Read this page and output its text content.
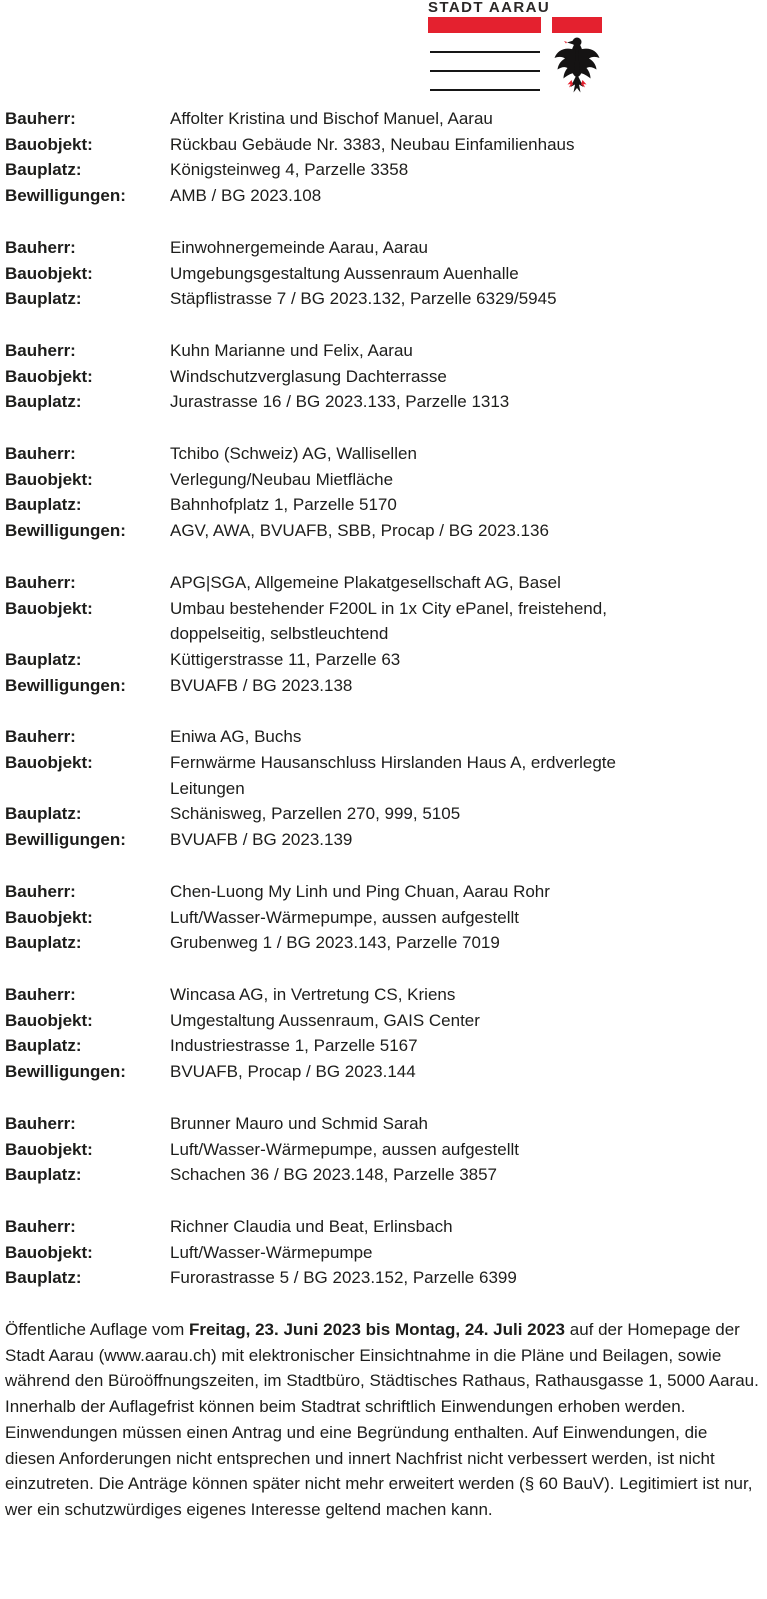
STADT AARAU
Bauherr:	Affolter Kristina und Bischof Manuel, Aarau
Bauobjekt:	Rückbau Gebäude Nr. 3383, Neubau Einfamilienhaus
Bauplatz:	Königsteinweg 4, Parzelle 3358
Bewilligungen:	AMB / BG 2023.108
Bauherr:	Einwohnergemeinde Aarau, Aarau
Bauobjekt:	Umgebungsgestaltung Aussenraum Auenhalle
Bauplatz:	Stäpflistrasse 7 / BG 2023.132, Parzelle 6329/5945
Bauherr:	Kuhn Marianne und Felix, Aarau
Bauobjekt:	Windschutzverglasung Dachterrasse
Bauplatz:	Jurastrasse 16 / BG 2023.133, Parzelle 1313
Bauherr:	Tchibo (Schweiz) AG, Wallisellen
Bauobjekt:	Verlegung/Neubau Mietfläche
Bauplatz:	Bahnhofplatz 1, Parzelle 5170
Bewilligungen:	AGV, AWA, BVUAFB, SBB, Procap / BG 2023.136
Bauherr:	APG|SGA, Allgemeine Plakatgesellschaft AG, Basel
Bauobjekt:	Umbau bestehender F200L in 1x City ePanel, freistehend, doppelseitig, selbstleuchtend
Bauplatz:	Küttigerstrasse 11, Parzelle 63
Bewilligungen:	BVUAFB / BG 2023.138
Bauherr:	Eniwa AG, Buchs
Bauobjekt:	Fernwärme Hausanschluss Hirslanden Haus A, erdverlegte Leitungen
Bauplatz:	Schänisweg, Parzellen 270, 999, 5105
Bewilligungen:	BVUAFB / BG 2023.139
Bauherr:	Chen-Luong My Linh und Ping Chuan, Aarau Rohr
Bauobjekt:	Luft/Wasser-Wärmepumpe, aussen aufgestellt
Bauplatz:	Grubenweg 1 / BG 2023.143, Parzelle 7019
Bauherr:	Wincasa AG, in Vertretung CS, Kriens
Bauobjekt:	Umgestaltung Aussenraum, GAIS Center
Bauplatz:	Industriestrasse 1, Parzelle 5167
Bewilligungen:	BVUAFB, Procap / BG 2023.144
Bauherr:	Brunner Mauro und Schmid Sarah
Bauobjekt:	Luft/Wasser-Wärmepumpe, aussen aufgestellt
Bauplatz:	Schachen 36 / BG 2023.148, Parzelle 3857
Bauherr:	Richner Claudia und Beat, Erlinsbach
Bauobjekt:	Luft/Wasser-Wärmepumpe
Bauplatz:	Furorastrasse 5 / BG 2023.152, Parzelle 6399

Öffentliche Auflage vom Freitag, 23. Juni 2023 bis Montag, 24. Juli 2023 auf der Homepage der Stadt Aarau (www.aarau.ch) mit elektronischer Einsichtnahme in die Pläne und Beilagen, sowie während den Büroöffnungszeiten, im Stadtbüro, Städtisches Rathaus, Rathausgasse 1, 5000 Aarau.

Innerhalb der Auflagefrist können beim Stadtrat schriftlich Einwendungen erhoben werden. Einwendungen müssen einen Antrag und eine Begründung enthalten. Auf Einwendungen, die diesen Anforderungen nicht entsprechen und innert Nachfrist nicht verbessert werden, ist nicht einzutreten. Die Anträge können später nicht mehr erweitert werden (§ 60 BauV). Legitimiert ist nur, wer ein schutzwürdiges eigenes Interesse geltend machen kann.
